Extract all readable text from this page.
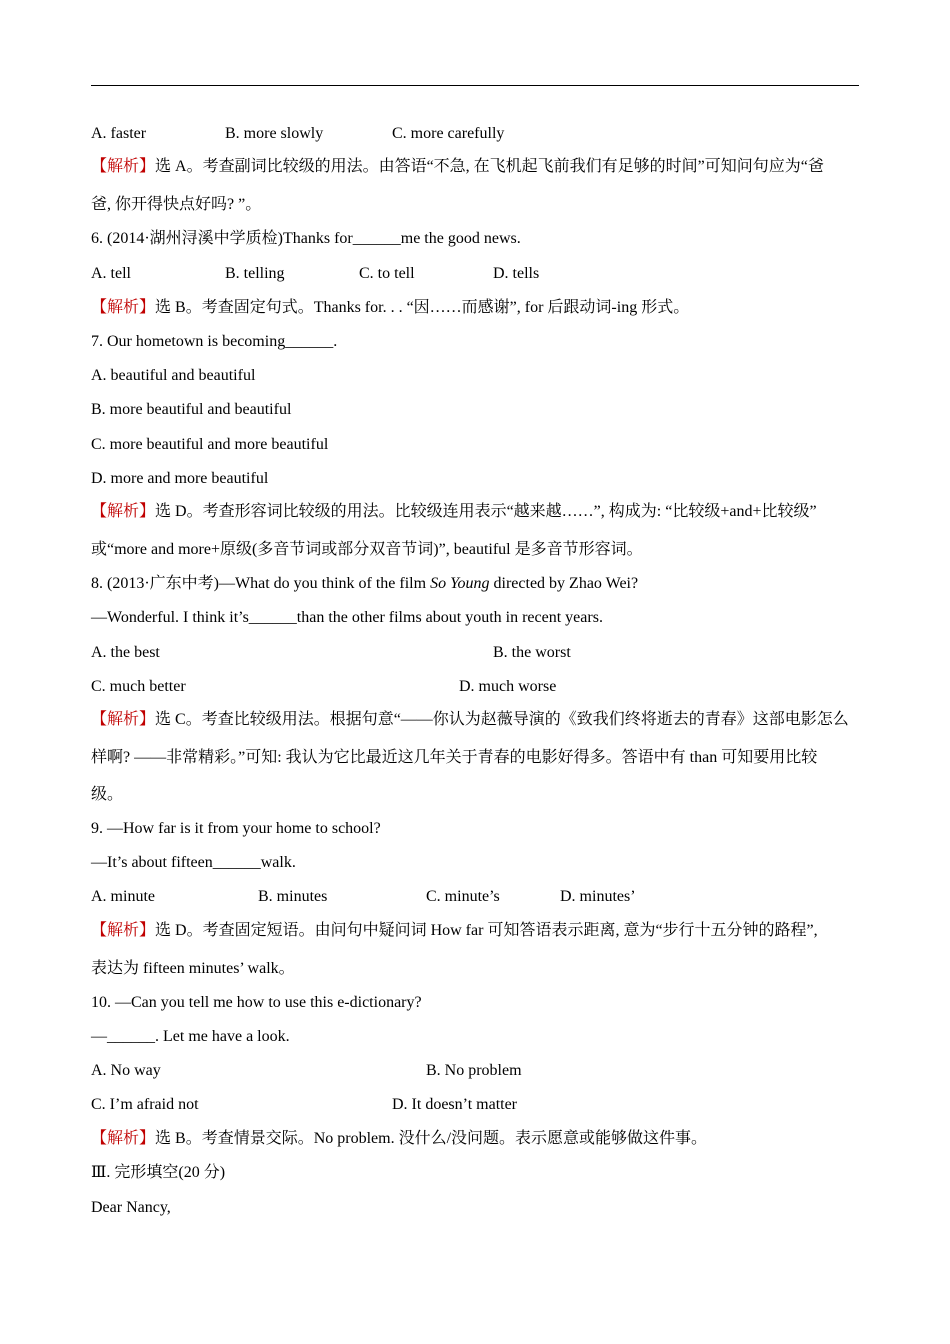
A. faster	B. more slowly	C. more carefully
【解析】选 A。考查副词比较级的用法。由答语“不急, 在飞机起飞前我们有足够的时间”可知问句应为“爸
爸, 你开得快点好吗? ”。
6. (2014·湖州浔溪中学质检)Thanks for______me the good news.
A. tell	B. telling	C. to tell	D. tells
【解析】选 B。考查固定句式。Thanks for. . . “因……而感谢”, for 后跟动词-ing 形式。
7. Our hometown is becoming______.
A. beautiful and beautiful
B. more beautiful and beautiful
C. more beautiful and more beautiful
D. more and more beautiful
【解析】选 D。考查形容词比较级的用法。比较级连用表示“越来越……”, 构成为: “比较级+and+比较级”
或“more and more+原级(多音节词或部分双音节词)”, beautiful 是多音节形容词。
8. (2013·广东中考)—What do you think of the film So Young directed by Zhao Wei?
—Wonderful. I think it’s______than the other films about youth in recent years.
A. the best	B. the worst
C. much better	D. much worse
【解析】选 C。考查比较级用法。根据句意“——你认为赵薇导演的《致我们终将逝去的青春》这部电影怎么
样啊? ——非常精彩。”可知: 我认为它比最近这几年关于青春的电影好得多。答语中有 than 可知要用比较
级。
9. —How far is it from your home to school?
—It’s about fifteen______walk.
A. minute	B. minutes	C. minute’s	D. minutes’
【解析】选 D。考查固定短语。由问句中疑问词 How far 可知答语表示距离, 意为“步行十五分钟的路程”,
表达为 fifteen minutes’ walk。
10. —Can you tell me how to use this e-dictionary?
—______. Let me have a look.
A. No way	B. No problem
C. I’m afraid not	D. It doesn’t matter
【解析】选 B。考查情景交际。No problem. 没什么/没问题。表示愿意或能够做这件事。
Ⅲ. 完形填空(20 分)
Dear Nancy,
